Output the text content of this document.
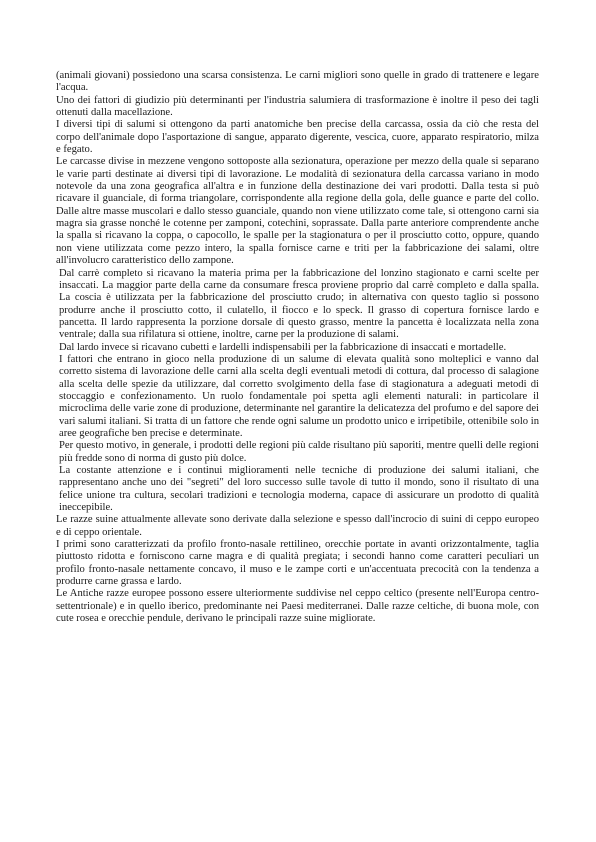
(animali giovani) possiedono una scarsa consistenza. Le carni migliori sono quelle in grado di trattenere e legare l'acqua.

Uno dei fattori di giudizio più determinanti per l'industria salumiera di trasformazione è inoltre il peso dei tagli ottenuti dalla macellazione.

I diversi tipi di salumi si ottengono da parti anatomiche ben precise della carcassa, ossia da ciò che resta del corpo dell'animale dopo l'asportazione di sangue, apparato digerente, vescica, cuore, apparato respiratorio, milza e fegato.

Le carcasse divise in mezzene vengono sottoposte alla sezionatura, operazione per mezzo della quale si separano le varie parti destinate ai diversi tipi di lavorazione. Le modalità di sezionatura della carcassa variano in modo notevole da una zona geografica all'altra e in funzione della destinazione dei vari prodotti. Dalla testa si può ricavare il guanciale, di forma triangolare, corrispondente alla regione della gola, delle guance e parte del collo. Dalle altre masse muscolari e dallo stesso guanciale, quando non viene utilizzato come tale, si ottengono carni sia magra sia grasse nonché le cotenne per zamponi, cotechini, soprassate. Dalla parte anteriore comprendente anche la spalla si ricavano la coppa, o capocollo, le spalle per la stagionatura o per il prosciutto cotto, oppure, quando non viene utilizzata come pezzo intero, la spalla fornisce carne e triti per la fabbricazione dei salami, oltre all'involucro caratteristico dello zampone.

Dal carrè completo si ricavano la materia prima per la fabbricazione del lonzino stagionato e carni scelte per insaccati. La maggior parte della carne da consumare fresca proviene proprio dal carrè completo e dalla spalla. La coscia è utilizzata per la fabbricazione del prosciutto crudo; in alternativa con questo taglio si possono produrre anche il prosciutto cotto, il culatello, il fiocco e lo speck. Il grasso di copertura fornisce lardo e pancetta. Il lardo rappresenta la porzione dorsale di questo grasso, mentre la pancetta è localizzata nella zona ventrale; dalla sua rifilatura si ottiene, inoltre, carne per la produzione di salami.

Dal lardo invece si ricavano cubetti e lardelli indispensabili per la fabbricazione di insaccati e mortadelle.

I fattori che entrano in gioco nella produzione di un salume di elevata qualità sono molteplici e vanno dal corretto sistema di lavorazione delle carni alla scelta degli eventuali metodi di cottura, dal processo di salagione alla scelta delle spezie da utilizzare, dal corretto svolgimento della fase di stagionatura a adeguati metodi di stoccaggio e confezionamento. Un ruolo fondamentale poi spetta agli elementi naturali: in particolare il microclima delle varie zone di produzione, determinante nel garantire la delicatezza del profumo e del sapore dei vari salumi italiani. Si tratta di un fattore che rende ogni salume un prodotto unico e irripetibile, ottenibile solo in aree geografiche ben precise e determinate.

Per questo motivo, in generale, i prodotti delle regioni più calde risultano più saporiti, mentre quelli delle regioni più fredde sono di norma di gusto più dolce.

La costante attenzione e i continui miglioramenti nelle tecniche di produzione dei salumi italiani, che rappresentano anche uno dei "segreti" del loro successo sulle tavole di tutto il mondo, sono il risultato di una felice unione tra cultura, secolari tradizioni e tecnologia moderna, capace di assicurare un prodotto di qualità ineccepibile.

Le razze suine attualmente allevate sono derivate dalla selezione e spesso dall'incrocio di suini di ceppo europeo e di ceppo orientale.

I primi sono caratterizzati da profilo fronto-nasale rettilineo, orecchie portate in avanti orizzontalmente, taglia piuttosto ridotta e forniscono carne magra e di qualità pregiata; i secondi hanno come caratteri peculiari un profilo fronto-nasale nettamente concavo, il muso e le zampe corti e un'accentuata precocità con la tendenza a produrre carne grassa e lardo.

Le Antiche razze europee possono essere ulteriormente suddivise nel ceppo celtico (presente nell'Europa centro-settentrionale) e in quello iberico, predominante nei Paesi mediterranei. Dalle razze celtiche, di buona mole, con cute rosea e orecchie pendule, derivano le principali razze suine migliorate.
